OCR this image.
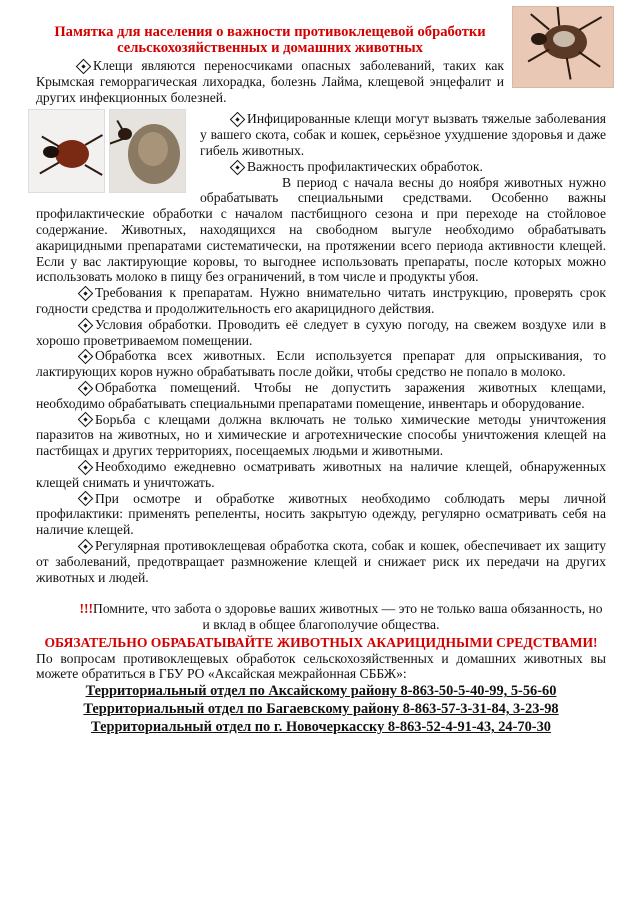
Памятка для населения о важности противоклещевой обработки сельскохозяйственных и домашних животных

Клещи являются переносчиками опасных заболеваний, таких как Крымская геморрагическая лихорадка, болезнь Лайма, клещевой энцефалит и других инфекционных болезней.

Инфицированные клещи могут вызвать тяжелые заболевания у вашего скота, собак и кошек, серьёзное ухудшение здоровья и даже гибель животных.

Важность профилактических обработок.

В период с начала весны до ноября животных нужно обрабатывать специальными средствами. Особенно важны профилактические обработки с началом пастбищного сезона и при переходе на стойловое содержание. Животных, находящихся на свободном выгуле необходимо обрабатывать акарицидными препаратами систематически, на протяжении всего периода активности клещей. Если у вас лактирующие коровы, то выгоднее использовать препараты, после которых можно использовать молоко в пищу без ограничений, в том числе и продукты убоя.

Требования к препаратам. Нужно внимательно читать инструкцию, проверять срок годности средства и продолжительность его акарицидного действия.

Условия обработки. Проводить её следует в сухую погоду, на свежем воздухе или в хорошо проветриваемом помещении.

Обработка всех животных. Если используется препарат для опрыскивания, то лактирующих коров нужно обрабатывать после дойки, чтобы средство не попало в молоко.

Обработка помещений. Чтобы не допустить заражения животных клещами, необходимо обрабатывать специальными препаратами помещение, инвентарь и оборудование.

Борьба с клещами должна включать не только химические методы уничтожения паразитов на животных, но и химические и агротехнические способы уничтожения клещей на пастбищах и других территориях, посещаемых людьми и животными.

Необходимо ежедневно осматривать животных на наличие клещей, обнаруженных клещей снимать и уничтожать.

При осмотре и обработке животных необходимо соблюдать меры личной профилактики: применять репеленты, носить закрытую одежду, регулярно осматривать себя на наличие клещей.

Регулярная противоклещевая обработка скота, собак и кошек, обеспечивает их защиту от заболеваний, предотвращает размножение клещей и снижает риск их передачи на других животных и людей.

!!!Помните, что забота о здоровье ваших животных — это не только ваша обязанность, но и вклад в общее благополучие общества.

ОБЯЗАТЕЛЬНО ОБРАБАТЫВАЙТЕ ЖИВОТНЫХ АКАРИЦИДНЫМИ СРЕДСТВАМИ!

По вопросам противоклещевых обработок сельскохозяйственных и домашних животных вы можете обратиться в ГБУ РО «Аксайская межрайонная СББЖ»:

Территориальный отдел по Аксайскому району 8-863-50-5-40-99, 5-56-60

Территориальный отдел по Багаевскому району 8-863-57-3-31-84, 3-23-98

Территориальный отдел по г. Новочеркасску 8-863-52-4-91-43, 24-70-30
